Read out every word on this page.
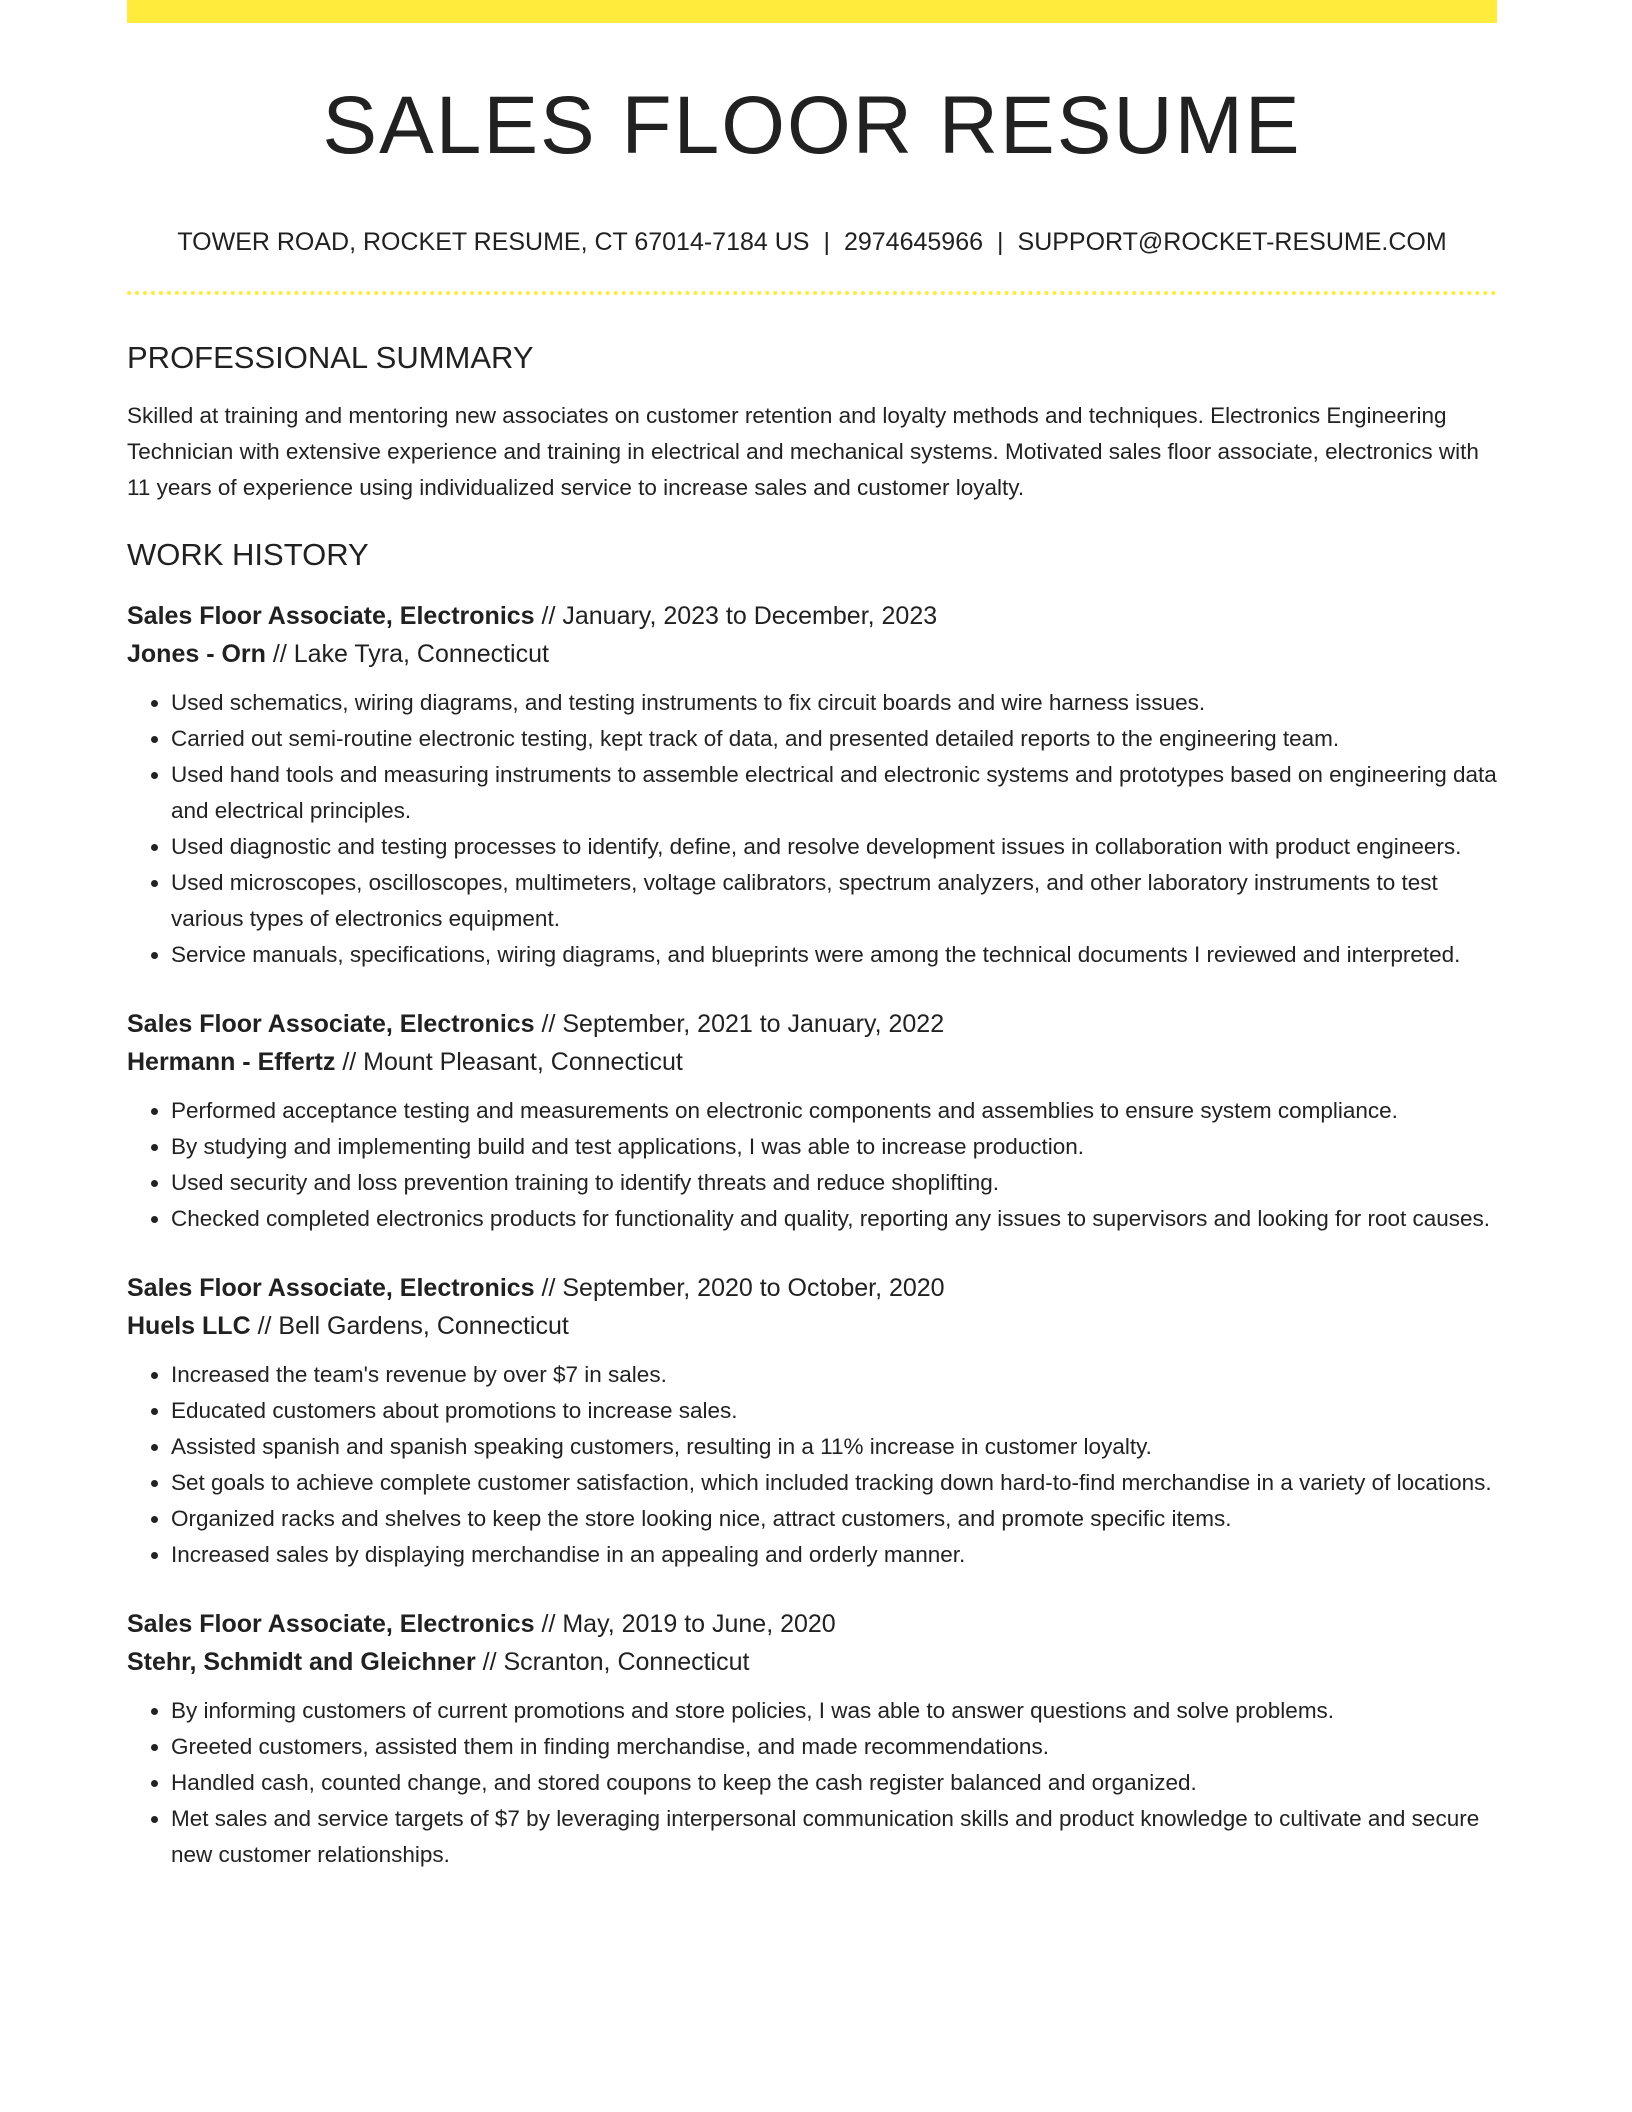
SALES FLOOR RESUME
TOWER ROAD, ROCKET RESUME, CT 67014-7184 US | 2974645966 | SUPPORT@ROCKET-RESUME.COM
PROFESSIONAL SUMMARY
Skilled at training and mentoring new associates on customer retention and loyalty methods and techniques. Electronics Engineering Technician with extensive experience and training in electrical and mechanical systems. Motivated sales floor associate, electronics with 11 years of experience using individualized service to increase sales and customer loyalty.
WORK HISTORY
Sales Floor Associate, Electronics // January, 2023 to December, 2023
Jones - Orn // Lake Tyra, Connecticut
• Used schematics, wiring diagrams, and testing instruments to fix circuit boards and wire harness issues.
• Carried out semi-routine electronic testing, kept track of data, and presented detailed reports to the engineering team.
• Used hand tools and measuring instruments to assemble electrical and electronic systems and prototypes based on engineering data and electrical principles.
• Used diagnostic and testing processes to identify, define, and resolve development issues in collaboration with product engineers.
• Used microscopes, oscilloscopes, multimeters, voltage calibrators, spectrum analyzers, and other laboratory instruments to test various types of electronics equipment.
• Service manuals, specifications, wiring diagrams, and blueprints were among the technical documents I reviewed and interpreted.
Sales Floor Associate, Electronics // September, 2021 to January, 2022
Hermann - Effertz // Mount Pleasant, Connecticut
• Performed acceptance testing and measurements on electronic components and assemblies to ensure system compliance.
• By studying and implementing build and test applications, I was able to increase production.
• Used security and loss prevention training to identify threats and reduce shoplifting.
• Checked completed electronics products for functionality and quality, reporting any issues to supervisors and looking for root causes.
Sales Floor Associate, Electronics // September, 2020 to October, 2020
Huels LLC // Bell Gardens, Connecticut
• Increased the team's revenue by over $7 in sales.
• Educated customers about promotions to increase sales.
• Assisted spanish and spanish speaking customers, resulting in a 11% increase in customer loyalty.
• Set goals to achieve complete customer satisfaction, which included tracking down hard-to-find merchandise in a variety of locations.
• Organized racks and shelves to keep the store looking nice, attract customers, and promote specific items.
• Increased sales by displaying merchandise in an appealing and orderly manner.
Sales Floor Associate, Electronics // May, 2019 to June, 2020
Stehr, Schmidt and Gleichner // Scranton, Connecticut
• By informing customers of current promotions and store policies, I was able to answer questions and solve problems.
• Greeted customers, assisted them in finding merchandise, and made recommendations.
• Handled cash, counted change, and stored coupons to keep the cash register balanced and organized.
• Met sales and service targets of $7 by leveraging interpersonal communication skills and product knowledge to cultivate and secure new customer relationships.
